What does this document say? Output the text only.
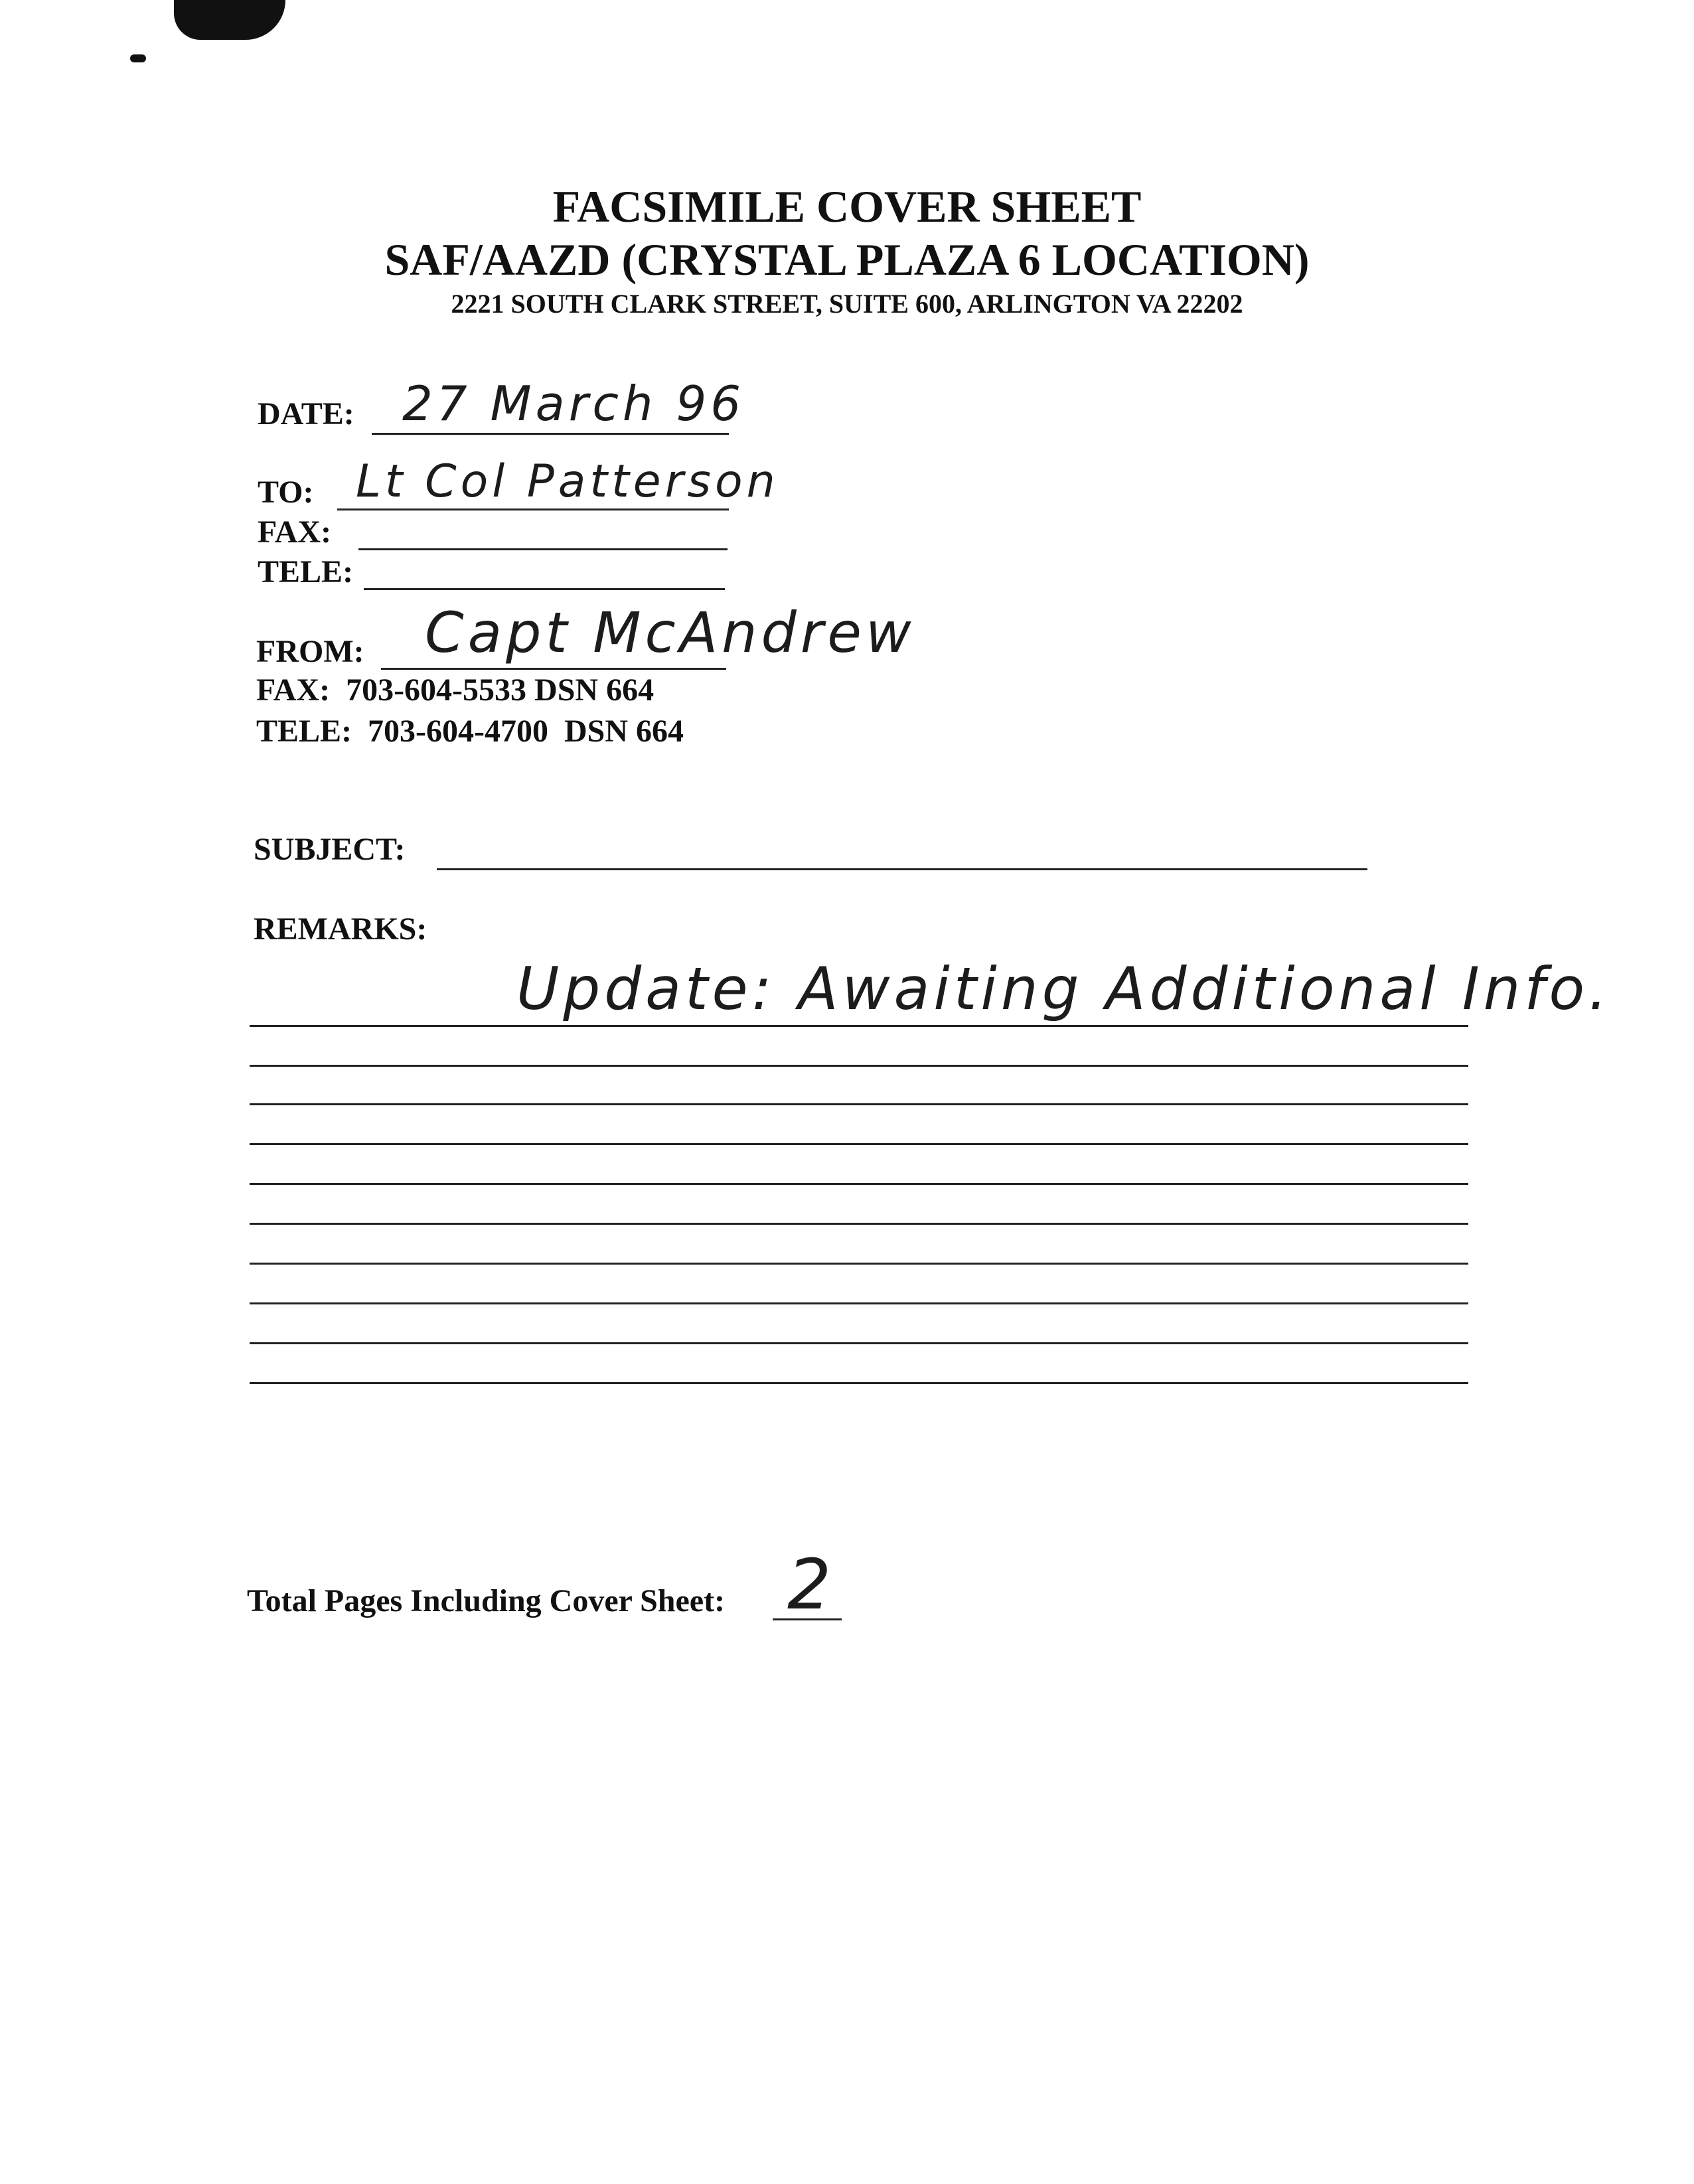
FACSIMILE COVER SHEET
SAF/AAZD (CRYSTAL PLAZA 6 LOCATION)
2221 SOUTH CLARK STREET, SUITE 600, ARLINGTON VA 22202
DATE: 27 March 96
TO: Lt Col Patterson
FAX:
TELE:
FROM: Capt McAndrew
FAX:  703-604-5533 DSN 664
TELE:  703-604-4700  DSN 664
SUBJECT:
REMARKS:
Update: Awaiting Additional Info.
Total Pages Including Cover Sheet: 2
